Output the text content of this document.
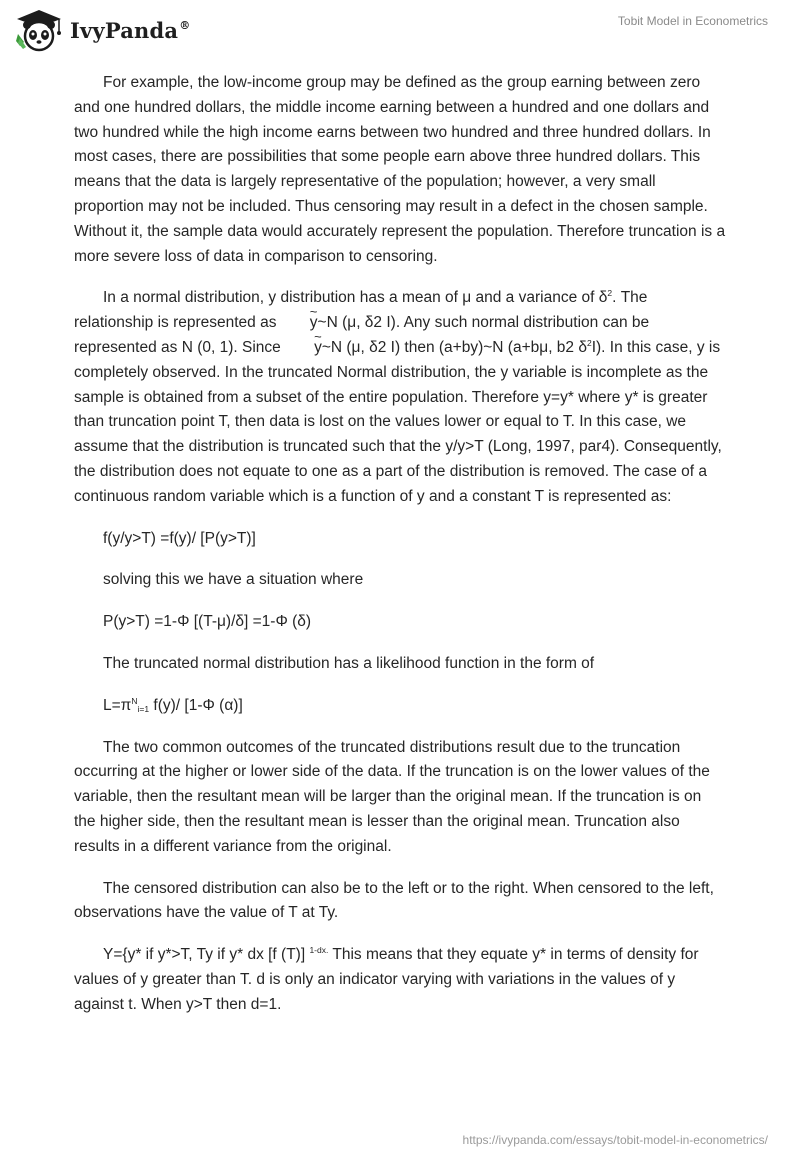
IvyPanda®	Tobit Model in Econometrics

For example, the low-income group may be defined as the group earning between zero and one hundred dollars, the middle income earning between a hundred and one dollars and two hundred while the high income earns between two hundred and three hundred dollars. In most cases, there are possibilities that some people earn above three hundred dollars. This means that the data is largely representative of the population; however, a very small proportion may not be included. Thus censoring may result in a defect in the chosen sample. Without it, the sample data would accurately represent the population. Therefore truncation is a more severe loss of data in comparison to censoring.

In a normal distribution, y distribution has a mean of μ and a variance of $\delta^2$. The relationship is represented as ~ y~N (μ, δ2 I). Any such normal distribution can be represented as N (0, 1). Since ~ y~N (μ, δ2 I) then (a+by)~N (a+bμ, b2 $\delta^2I$). In this case, y is completely observed. In the truncated Normal distribution, the y variable is incomplete as the sample is obtained from a subset of the entire population. Therefore y=y* where y* is greater than truncation point T, then data is lost on the values lower or equal to T. In this case, we assume that the distribution is truncated such that the y/y>T (Long, 1997, par4). Consequently, the distribution does not equate to one as a part of the distribution is removed. The case of a continuous random variable which is a function of y and a constant T is represented as:

f(y/y>T) =f(y)/ [P(y>T)]

solving this we have a situation where

P(y>T) =1-Φ [(T-μ)/δ] =1-Φ (δ)

The truncated normal distribution has a likelihood function in the form of

$L=\pi^N_{i=1}$ f(y)/ [1-Φ (α)]

The two common outcomes of the truncated distributions result due to the truncation occurring at the higher or lower side of the data. If the truncation is on the lower values of the variable, then the resultant mean will be larger than the original mean. If the truncation is on the higher side, then the resultant mean is lesser than the original mean. Truncation also results in a different variance from the original.

The censored distribution can also be to the left or to the right. When censored to the left, observations have the value of T at Ty.

Y={y* if y*>T, Ty if y* dx [f (T)] $^{1-dx.}$ This means that they equate y* in terms of density for values of y greater than T. d is only an indicator varying with variations in the values of y against t. When y>T then d=1.

https://ivypanda.com/essays/tobit-model-in-econometrics/
